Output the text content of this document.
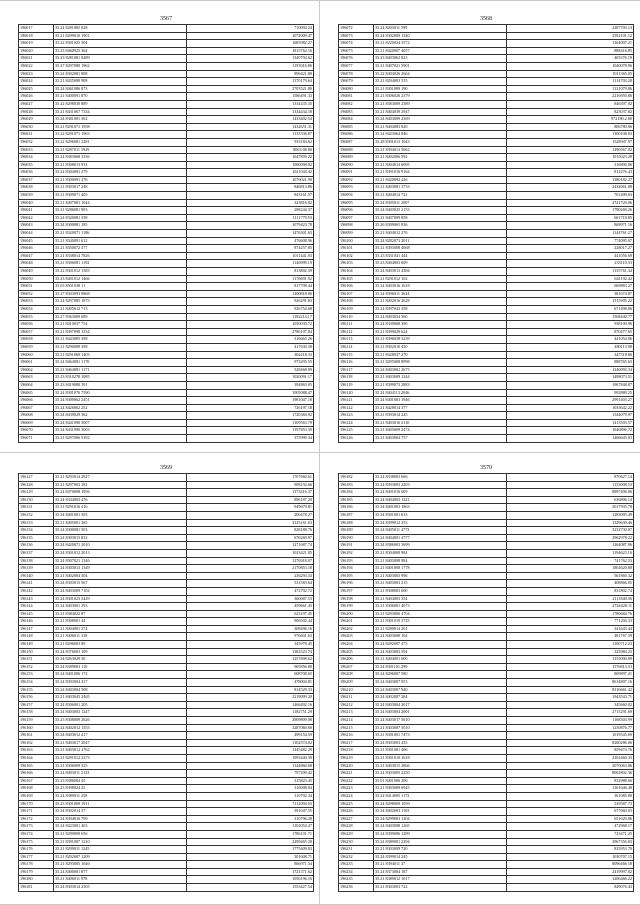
3567
196017	35.24 8281085 828	710094.24
196018	35.21 8299010 1901	1072009.47
196019	35.22 8301025 504	1685982.27
196020	35.23 8460925 364	1815762.16
196021	35.23 8281081 8489	1340794.62
196022	35.27 8297080 1962	1193016.86
196023	35.24 8302081 808	896421.80
196024	35.21 8435008 908	1370179.64
196025	35.24 8461086 873	2703521.80
196026	35.21 8400091 870	1586491.33
196027	35.22 8298030 889	1334435.35
196028	35.21 8431067 7334	1334434.18
196029	35.24 8381081 302	1433402.54
196030	35.21 8291071 1958	1432651.31
196031	35.22 8291071 1963	1135336.87
196032	35.22 8296081 2281	933184.62
196033	35.21 8287011 5929	8063.08.80
196034	35.24 8383068 3336	1647859.22
196035	35.21 8308013 931	1000098.02
196036	35.22 8304081 279	1021044.42
196037	35.21 8300091 276	1076021.90
196038	35.21 8303017 248	846813.86
196039	35.21 8309071 403	843161.57
196040	35.21 8407081 1044	323816.82
196041	35.21 8286081 903	288244.37
196042	35.24 8320081 358	1111779.53
196043	35.24 8300081 185	1079423.78
196044	35.21 8320071 1186	1476301.63
196045	35.21 8340091 612	476608.96
196046	35.21 8350072 377	874257.85
196047	35.21 8338014 7826	1011441.93
196048	35.21 8306081 1192	1146999.19
196049	35.22 8301012 1383	813802.39
196050	35.23 8401012 1466	1176691.92
196051	35.03 8501038 11	817798.44
196052	35.27 8303093 9868	1200818.06
196053	35.24 8297085 1873	926291.83
196054	35.21 8405612 713	926754.68
196055	35.27 8363089 689	1182214.17
196056	35.21 8410037 754	1050030.72
196057	35.21 8397098 1334	2786107.84
196058	35.21 8443085 398	316665.26
196059	35.21 8290089 398	417630.30
196060	35.21 8291069 1403	304418.33
196061	35.24 8464081 1170	973295.55
196062	35.21 8464081 1171	528468.99
196063	35.23 8310278 1085	1020091.17
196064	35.23 8419088 391	394863.05
196065	35.24 8301076 7590	1005088.47
196066	35.24 8300062 2451	1981047.18
196067	35.24 8426062 252	726197.18
196068	35.24 8439029 362	1720384.92
196069	35.24 8441090 5007	1109563.79
196070	35.24 8431090 5003	1197853.39
196071	35.21 8297006 5392	375999.34
3568
196072	35.24 8203011 599	2287703.13
196073	35.24 8302009 1340	2592101.12
196074	35.21 8220024 5572	1164007.21
196075	35.21 8420007 4057	888416.85
196076	35.23 8403062 823	405376.19
196077	35.21 8407021 5901	1040078.96
196078	35.22 8404026 2664	1011365.05
196079	35.21 8294003 335	1114703.28
196080	35.21 8301009 190	1121079.86
196081	35.21 8306026 2379	2216950.86
196082	35.21 8383009 2389	846397.02
196083	35.21 8404039 2947	823037.82
196084	35.24 8403009 2369	972180.2.80
196085	35.21 8404083 820	806780.06
196086	35.24 8423064 846	1300108.03
196087	35.28 8301013 1043	1528947.97
196088	35.21 8394013 5062	1290567.02
196089	35.21 8402006 592	1015023.29
196090	35.21 8404014 6095	316800.06
196091	35.21 8391016 9164	812276.43
196092	35.21 8420092 426	1380182.27
196093	35.21 8403081 3733	2432661.08
196094	35.21 8404014 721	761409.03
196095	35.24 8305011 2007	2741720.06
196096	35.24 8403025 2153	1780269.26
196097	35.21 8407009 858	661718.85
196098	35.26 8309065 836	869971.16
196099	35.21 8404012 276	1144761.27
196100	35.24 8282073 2011	774095.07
196101	35.21 8393008 4068	228017.27
196102	35.23 8331041 444	441056.69
196103	35.23 8404003 609	233110.33
196104	35.24 8403013 4384	1155761.44
196105	35.21 8291012 102	641192.42
196106	35.24 8403016 1618	669883.27
196107	35.24 8396011 3624	381674.87
196108	35.21 8402016 2628	1315905.22
196109	35.24 8397043 358	671498.06
196110	35.24 8403034 360	1508440.77
196111	35.24 8339068 396	938100.96
196112	35.21 8399029 624	870477.65
196113	35.21 8396038 3239	441054.06
196114	35.21 8302010 450	480113.98
196115	35.21 8428037 270	347318.86
196116	35.21 8295008 8998	888765.63
196117	35.24 8403002 2675	1246093.34
196118	35.21 8403009 1244	1498073.51
196119	35.21 8399073 2883	1967848.87
196120	35.24 8404113 2046	992880.25
196121	35.24 8401003 1946	2991403.27
196122	35.21 8428014 377	1033642.22
196123	35.21 8393014 245	1544079.97
196124	35.21 8403016 2110	1413503.57
196125	35.21 8405009 2474	1646896.72
196126	35.21 8403004 757	1466645.03
3569
196127	35.21 8293014 2927	1707660.61
196128	35.21 8297003 182	908234.66
196129	35.24 8470008 1956	1373416.37
196130	35.24 8344003 476	896187.20
196131	35.31 8291016 416	949679.81
196132	35.24 8401001 303	200478.27
196133	35.21 8405001 365	3125161.63
196134	35.24 8300081 503	828188.76
196135	35.24 8303013 832	676269.97
196136	35.24 8420071 2010	1271687.74
196137	35.24 8301012 2013	1023421.85
196138	35.24 8307021 1346	1276918.07
196139	35.24 8303013 1349	2170853.18
196140	35.21 8402004 304	236293.33
196141	35.24 8303015 567	531583.64
196142	35.24 8403009 7102	472792.72
196143	35.24 8301023 3429	360687.53
196144	35.24 8403001 293	459661.45
196145	35.21 8384022 87	623107.45
196146	35.21 8308001 44	906502.44
196147	35.21 8404001 274	308496.16
196148	35.21 8406011 318	976601.63
196149	35.21 8296003 89	345978.45
196150	35.24 8376003 109	1382523.74
196151	35.24 8263029 30	1257698.62
196152	35.24 8389003 110	905856.80
196153	35.24 8401006 172	608708.65
196154	35.24 8393004 417	478004.81
196155	35.24 8403004 508	814529.33
196156	35.21 8403045 2465	2219099.20
196157	35.24 8306001 205	1466492.16
196158	35.24 8403003 1247	1182751.29
196159	35.23 8308009 2626	2909809.08
196160	35.24 8402012 1553	3287060.60
196161	35.24 8403012 417	499154.59
196162	35.21 8403017 2047	1102574.02
196163	35.21 8403012 2762	1245482.29
196164	35.21 8291012 2273	1993440.39
196165	35.21 8306009 525	1144860.68
196166	35.24 8403011 2123	797299.42
196167	35.23 8386004 45	315823.45
196168	35.23 8398024 25	316008.04
196169	35.24 8389011 258	310702.34
196170	35.23 8301009 1911	7112094.03
196171	35.24 8302014 37	391047.55
196172	35.24 8394016 799	310796.28
196173	35.24 8423001 463	1102054.47
196174	35.21 8299009 656	1786101.71
196175	35.21 8391007 1210	2299465.20
196176	35.21 8299011 1245	1775409.03
196177	35.21 8292007 1209	301608.71
196178	35.21 8293005 1646	866971.54
196179	35.24 8400001 877	1721371.62
196180	35.21 8406011 978	1056196.16
196181	35.24 8303014 2305	1553427.54
3570
196182	35.24 8338003 666	870627.14
196183	35.24 8393003 2203	1153008.53
196184	35.24 8401016 609	8897406.06
196185	35.24 8404003 1321	636806.14
196186	35.24 8401003 1863	2017935.78
196187	35.24 8301001 633	1283095.49
196188	35.24 8399012 253	1329630.46
196189	35.24 8405011 4773	3232730.07
196190	35.24 8404001 4777	2962978.22
196191	35.24 8386003 3699	1264087.96
196192	35.21 8304008 984	1194623.16
196193	35.21 8403008 984	741762.53
196194	35.21 8401008 1778	1802620.80
196195	35.21 8403003 996	561860.32
196196	35.21 8403003 215	408866.05
196197	35.21 8308003 600	831802.74
196198	35.21 8404003 354	2111840.36
196199	35.21 8306001 4073	2724428.11
196200	35.21 8293006 4704	1780684.76
196201	35.21 8301010 3725	771204.33
196202	35.21 8280014 201	341643.44
196203	35.24 8403008 104	481767.59
196204	35.24 8292007 473	1100712.23
196205	35.24 8403003 594	325984.23
196206	35.21 8404001 600	1155090.89
196207	35.24 8301101 299	1576813.53
196208	35.24 8296007 580	809897.21
196209	35.24 8403007 953	8614807.16
196210	35.24 8403007 940	8316661.42
196211	35.24 8402007 264	1943543.71
196212	35.24 8403004 2017	345660.02
196213	35.24 8403004 2001	2715291.69
196214	35.24 8403017 5010	1168303.99
196215	35.21 8303007 5010	1230876.77
196216	35.21 8301001 7473	1019545.69
196217	35.24 8303003 435	8260286.06
196218	35.21 8301001 406	859474.76
196219	35.21 8301010 1618	2102460.33
196220	35.21 8403015 2866	2070063.86
196221	35.24 8303005 2250	8002802.36
196222	35.01 8401006 206	832988.66
196223	35.21 8303009 6945	1161646.48
196224	35.22 8414005 1172	361085.80
196225	35.24 8298009 1059	539587.73
196226	35.24 8402003 1103	677660.03
196227	35.24 8299003 1304	651620.86
196228	35.24 8403008 1265	472968.17
196229	35.24 8399006 1299	723471.25
196230	35.24 8389001 2294	2967356.03
196231	35.21 8303009 720	835953.70
196232	35.24 8399014 245	1030707.15
196233	35.21 8394011 37	8096466.18
196234	35.24 8373004 187	2419997.02
196235	35.21 8389012 1017	1206466.22
196236	35.21 8303003 722	849076.43
